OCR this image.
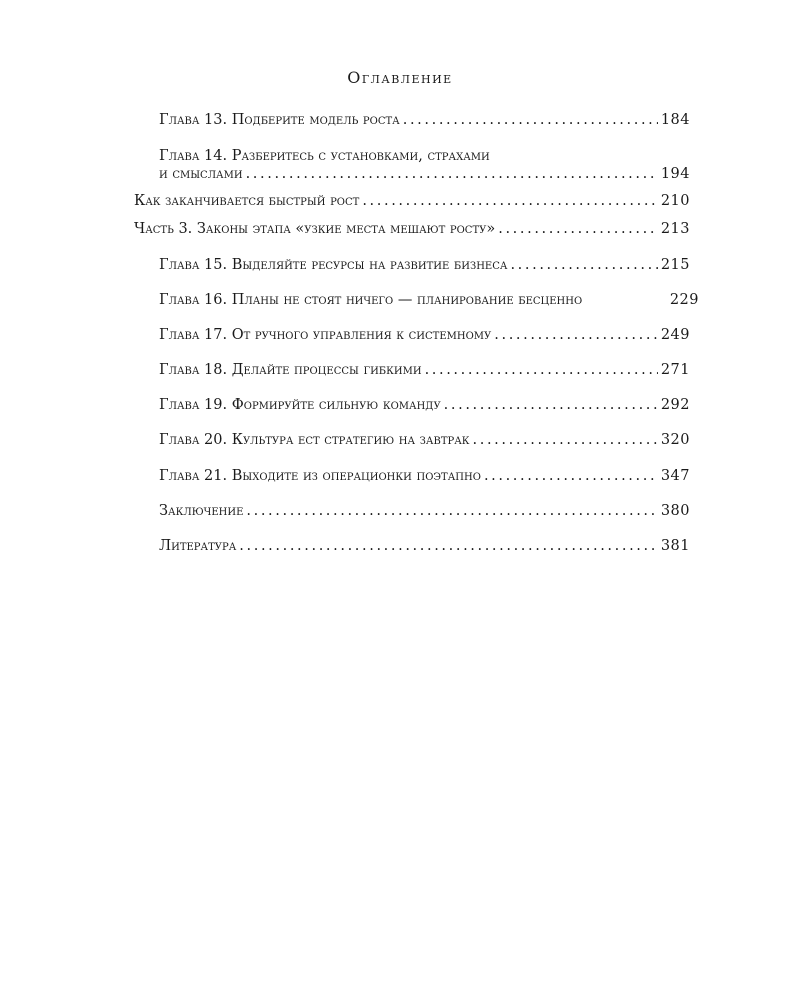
Оглавление
Глава 13. Подберите модель роста . . .	184
Глава 14. Разберитесь с установками, страхами
и смыслами . . .	194
Как заканчивается быстрый рост . . .	210
Часть 3. Законы этапа «узкие места мешают росту» . . .	213
Глава 15. Выделяйте ресурсы на развитие бизнеса . . .	215
Глава 16. Планы не стоят ничего — планирование бесценно	229
Глава 17. От ручного управления к системному . . .	249
Глава 18. Делайте процессы гибкими . . .	271
Глава 19. Формируйте сильную команду . . .	292
Глава 20. Культура ест стратегию на завтрак . . .	320
Глава 21. Выходите из операционки поэтапно . . .	347
Заключение . . .	380
Литература . . .	381
